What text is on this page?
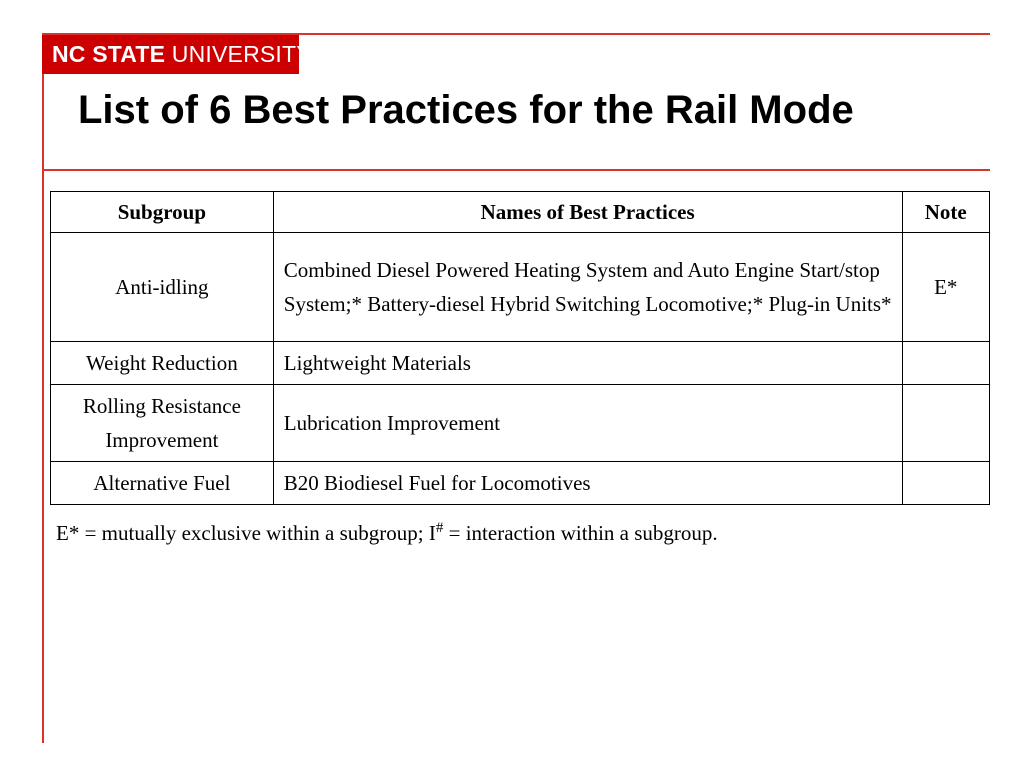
NC STATE UNIVERSITY
List of 6 Best Practices for the Rail Mode
Subgroup	Names of Best Practices	Note
Anti-idling	Combined Diesel Powered Heating System and Auto Engine Start/stop System;* Battery-diesel Hybrid Switching Locomotive;* Plug-in Units*	E*
Weight Reduction	Lightweight Materials	
Rolling Resistance Improvement	Lubrication Improvement	
Alternative Fuel	B20 Biodiesel Fuel for Locomotives	
E* = mutually exclusive within a subgroup; I# = interaction within a subgroup.
